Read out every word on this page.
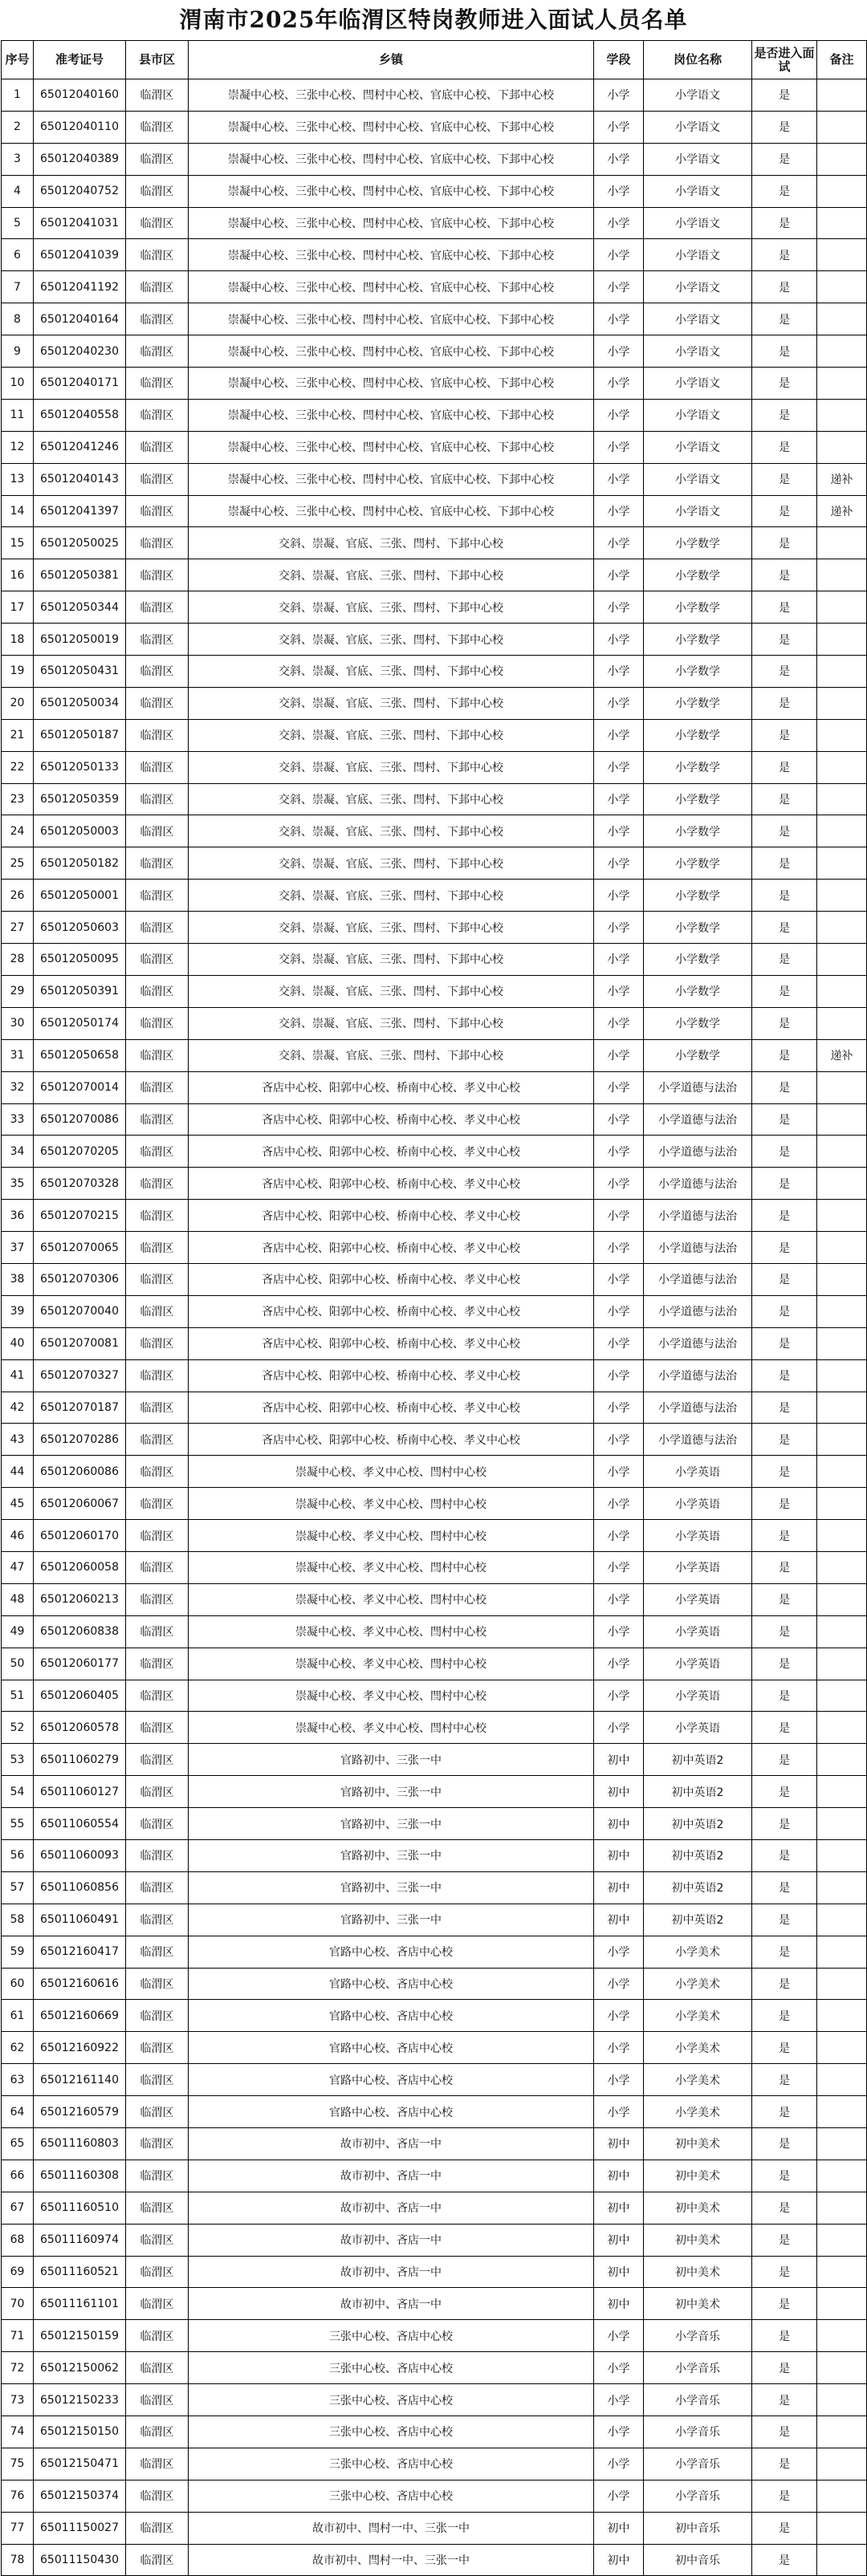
渭南市2025年临渭区特岗教师进入面试人员名单
序号	准考证号	县市区	乡镇	学段	岗位名称	是否进入面试	备注
1	65012040160	临渭区	崇凝中心校、三张中心校、閆村中心校、官底中心校、下邽中心校	小学	小学语文	是	
2	65012040110	临渭区	崇凝中心校、三张中心校、閆村中心校、官底中心校、下邽中心校	小学	小学语文	是	
3	65012040389	临渭区	崇凝中心校、三张中心校、閆村中心校、官底中心校、下邽中心校	小学	小学语文	是	
4	65012040752	临渭区	崇凝中心校、三张中心校、閆村中心校、官底中心校、下邽中心校	小学	小学语文	是	
5	65012041031	临渭区	崇凝中心校、三张中心校、閆村中心校、官底中心校、下邽中心校	小学	小学语文	是	
6	65012041039	临渭区	崇凝中心校、三张中心校、閆村中心校、官底中心校、下邽中心校	小学	小学语文	是	
7	65012041192	临渭区	崇凝中心校、三张中心校、閆村中心校、官底中心校、下邽中心校	小学	小学语文	是	
8	65012040164	临渭区	崇凝中心校、三张中心校、閆村中心校、官底中心校、下邽中心校	小学	小学语文	是	
9	65012040230	临渭区	崇凝中心校、三张中心校、閆村中心校、官底中心校、下邽中心校	小学	小学语文	是	
10	65012040171	临渭区	崇凝中心校、三张中心校、閆村中心校、官底中心校、下邽中心校	小学	小学语文	是	
11	65012040558	临渭区	崇凝中心校、三张中心校、閆村中心校、官底中心校、下邽中心校	小学	小学语文	是	
12	65012041246	临渭区	崇凝中心校、三张中心校、閆村中心校、官底中心校、下邽中心校	小学	小学语文	是	
13	65012040143	临渭区	崇凝中心校、三张中心校、閆村中心校、官底中心校、下邽中心校	小学	小学语文	是	递补
14	65012041397	临渭区	崇凝中心校、三张中心校、閆村中心校、官底中心校、下邽中心校	小学	小学语文	是	递补
15	65012050025	临渭区	交斜、崇凝、官底、三张、閆村、下邽中心校	小学	小学数学	是	
16	65012050381	临渭区	交斜、崇凝、官底、三张、閆村、下邽中心校	小学	小学数学	是	
17	65012050344	临渭区	交斜、崇凝、官底、三张、閆村、下邽中心校	小学	小学数学	是	
18	65012050019	临渭区	交斜、崇凝、官底、三张、閆村、下邽中心校	小学	小学数学	是	
19	65012050431	临渭区	交斜、崇凝、官底、三张、閆村、下邽中心校	小学	小学数学	是	
20	65012050034	临渭区	交斜、崇凝、官底、三张、閆村、下邽中心校	小学	小学数学	是	
21	65012050187	临渭区	交斜、崇凝、官底、三张、閆村、下邽中心校	小学	小学数学	是	
22	65012050133	临渭区	交斜、崇凝、官底、三张、閆村、下邽中心校	小学	小学数学	是	
23	65012050359	临渭区	交斜、崇凝、官底、三张、閆村、下邽中心校	小学	小学数学	是	
24	65012050003	临渭区	交斜、崇凝、官底、三张、閆村、下邽中心校	小学	小学数学	是	
25	65012050182	临渭区	交斜、崇凝、官底、三张、閆村、下邽中心校	小学	小学数学	是	
26	65012050001	临渭区	交斜、崇凝、官底、三张、閆村、下邽中心校	小学	小学数学	是	
27	65012050603	临渭区	交斜、崇凝、官底、三张、閆村、下邽中心校	小学	小学数学	是	
28	65012050095	临渭区	交斜、崇凝、官底、三张、閆村、下邽中心校	小学	小学数学	是	
29	65012050391	临渭区	交斜、崇凝、官底、三张、閆村、下邽中心校	小学	小学数学	是	
30	65012050174	临渭区	交斜、崇凝、官底、三张、閆村、下邽中心校	小学	小学数学	是	
31	65012050658	临渭区	交斜、崇凝、官底、三张、閆村、下邽中心校	小学	小学数学	是	递补
32	65012070014	临渭区	吝店中心校、阳郭中心校、桥南中心校、孝义中心校	小学	小学道德与法治	是	
33	65012070086	临渭区	吝店中心校、阳郭中心校、桥南中心校、孝义中心校	小学	小学道德与法治	是	
34	65012070205	临渭区	吝店中心校、阳郭中心校、桥南中心校、孝义中心校	小学	小学道德与法治	是	
35	65012070328	临渭区	吝店中心校、阳郭中心校、桥南中心校、孝义中心校	小学	小学道德与法治	是	
36	65012070215	临渭区	吝店中心校、阳郭中心校、桥南中心校、孝义中心校	小学	小学道德与法治	是	
37	65012070065	临渭区	吝店中心校、阳郭中心校、桥南中心校、孝义中心校	小学	小学道德与法治	是	
38	65012070306	临渭区	吝店中心校、阳郭中心校、桥南中心校、孝义中心校	小学	小学道德与法治	是	
39	65012070040	临渭区	吝店中心校、阳郭中心校、桥南中心校、孝义中心校	小学	小学道德与法治	是	
40	65012070081	临渭区	吝店中心校、阳郭中心校、桥南中心校、孝义中心校	小学	小学道德与法治	是	
41	65012070327	临渭区	吝店中心校、阳郭中心校、桥南中心校、孝义中心校	小学	小学道德与法治	是	
42	65012070187	临渭区	吝店中心校、阳郭中心校、桥南中心校、孝义中心校	小学	小学道德与法治	是	
43	65012070286	临渭区	吝店中心校、阳郭中心校、桥南中心校、孝义中心校	小学	小学道德与法治	是	
44	65012060086	临渭区	崇凝中心校、孝义中心校、閆村中心校	小学	小学英语	是	
45	65012060067	临渭区	崇凝中心校、孝义中心校、閆村中心校	小学	小学英语	是	
46	65012060170	临渭区	崇凝中心校、孝义中心校、閆村中心校	小学	小学英语	是	
47	65012060058	临渭区	崇凝中心校、孝义中心校、閆村中心校	小学	小学英语	是	
48	65012060213	临渭区	崇凝中心校、孝义中心校、閆村中心校	小学	小学英语	是	
49	65012060838	临渭区	崇凝中心校、孝义中心校、閆村中心校	小学	小学英语	是	
50	65012060177	临渭区	崇凝中心校、孝义中心校、閆村中心校	小学	小学英语	是	
51	65012060405	临渭区	崇凝中心校、孝义中心校、閆村中心校	小学	小学英语	是	
52	65012060578	临渭区	崇凝中心校、孝义中心校、閆村中心校	小学	小学英语	是	
53	65011060279	临渭区	官路初中、三张一中	初中	初中英语2	是	
54	65011060127	临渭区	官路初中、三张一中	初中	初中英语2	是	
55	65011060554	临渭区	官路初中、三张一中	初中	初中英语2	是	
56	65011060093	临渭区	官路初中、三张一中	初中	初中英语2	是	
57	65011060856	临渭区	官路初中、三张一中	初中	初中英语2	是	
58	65011060491	临渭区	官路初中、三张一中	初中	初中英语2	是	
59	65012160417	临渭区	官路中心校、吝店中心校	小学	小学美术	是	
60	65012160616	临渭区	官路中心校、吝店中心校	小学	小学美术	是	
61	65012160669	临渭区	官路中心校、吝店中心校	小学	小学美术	是	
62	65012160922	临渭区	官路中心校、吝店中心校	小学	小学美术	是	
63	65012161140	临渭区	官路中心校、吝店中心校	小学	小学美术	是	
64	65012160579	临渭区	官路中心校、吝店中心校	小学	小学美术	是	
65	65011160803	临渭区	故市初中、吝店一中	初中	初中美术	是	
66	65011160308	临渭区	故市初中、吝店一中	初中	初中美术	是	
67	65011160510	临渭区	故市初中、吝店一中	初中	初中美术	是	
68	65011160974	临渭区	故市初中、吝店一中	初中	初中美术	是	
69	65011160521	临渭区	故市初中、吝店一中	初中	初中美术	是	
70	65011161101	临渭区	故市初中、吝店一中	初中	初中美术	是	
71	65012150159	临渭区	三张中心校、吝店中心校	小学	小学音乐	是	
72	65012150062	临渭区	三张中心校、吝店中心校	小学	小学音乐	是	
73	65012150233	临渭区	三张中心校、吝店中心校	小学	小学音乐	是	
74	65012150150	临渭区	三张中心校、吝店中心校	小学	小学音乐	是	
75	65012150471	临渭区	三张中心校、吝店中心校	小学	小学音乐	是	
76	65012150374	临渭区	三张中心校、吝店中心校	小学	小学音乐	是	
77	65011150027	临渭区	故市初中、閆村一中、三张一中	初中	初中音乐	是	
78	65011150430	临渭区	故市初中、閆村一中、三张一中	初中	初中音乐	是	
